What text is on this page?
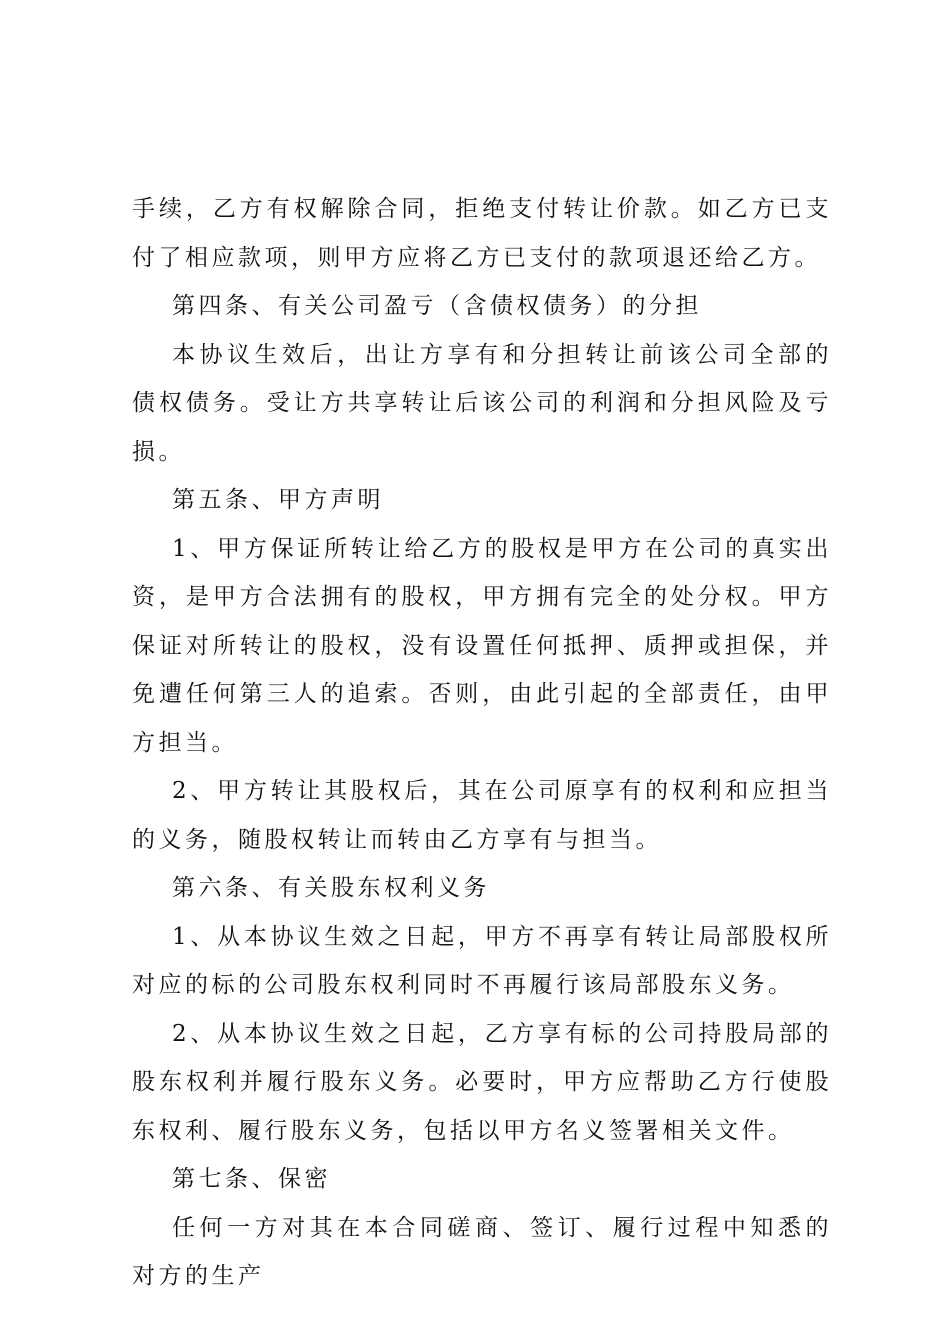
手续，乙方有权解除合同，拒绝支付转让价款。如乙方已支付了相应款项，则甲方应将乙方已支付的款项退还给乙方。

第四条、有关公司盈亏（含债权债务）的分担

本协议生效后，出让方享有和分担转让前该公司全部的债权债务。受让方共享转让后该公司的利润和分担风险及亏损。

第五条、甲方声明

1、甲方保证所转让给乙方的股权是甲方在公司的真实出资，是甲方合法拥有的股权，甲方拥有完全的处分权。甲方保证对所转让的股权，没有设置任何抵押、质押或担保，并免遭任何第三人的追索。否则，由此引起的全部责任，由甲方担当。

2、甲方转让其股权后，其在公司原享有的权利和应担当的义务，随股权转让而转由乙方享有与担当。

第六条、有关股东权利义务

1、从本协议生效之日起，甲方不再享有转让局部股权所对应的标的公司股东权利同时不再履行该局部股东义务。

2、从本协议生效之日起，乙方享有标的公司持股局部的股东权利并履行股东义务。必要时，甲方应帮助乙方行使股东权利、履行股东义务，包括以甲方名义签署相关文件。

第七条、保密

任何一方对其在本合同磋商、签订、履行过程中知悉的对方的生产
